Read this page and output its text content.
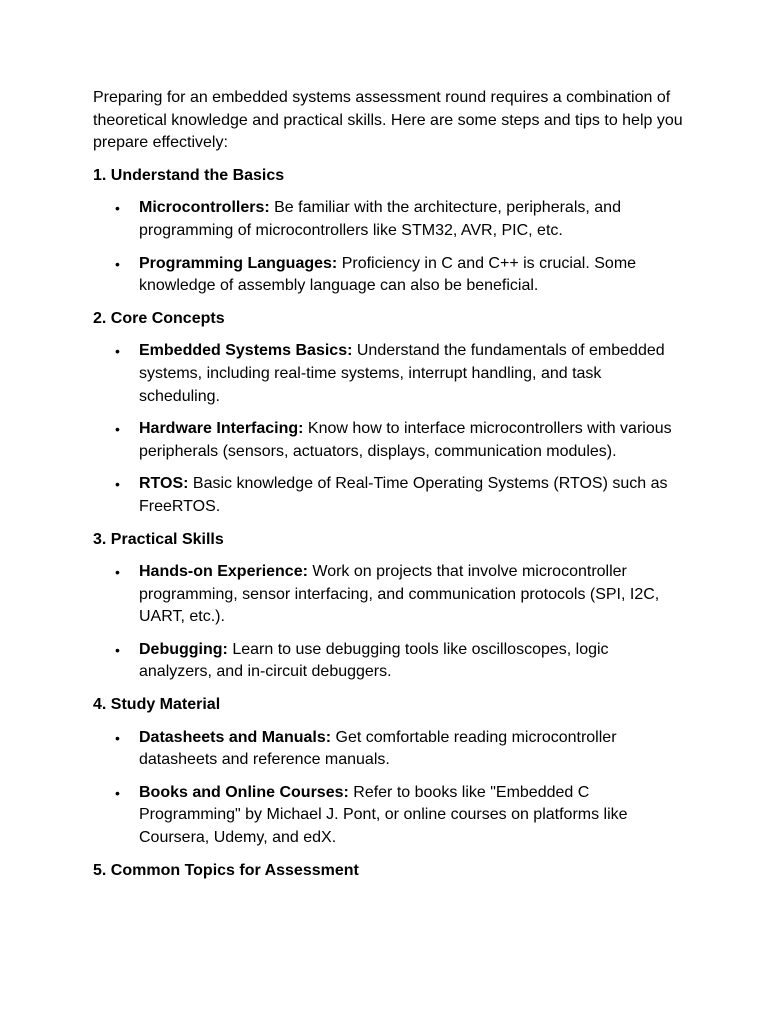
Preparing for an embedded systems assessment round requires a combination of theoretical knowledge and practical skills. Here are some steps and tips to help you prepare effectively:

1. Understand the Basics
• Microcontrollers: Be familiar with the architecture, peripherals, and programming of microcontrollers like STM32, AVR, PIC, etc.
• Programming Languages: Proficiency in C and C++ is crucial. Some knowledge of assembly language can also be beneficial.
2. Core Concepts
• Embedded Systems Basics: Understand the fundamentals of embedded systems, including real-time systems, interrupt handling, and task scheduling.
• Hardware Interfacing: Know how to interface microcontrollers with various peripherals (sensors, actuators, displays, communication modules).
• RTOS: Basic knowledge of Real-Time Operating Systems (RTOS) such as FreeRTOS.
3. Practical Skills
• Hands-on Experience: Work on projects that involve microcontroller programming, sensor interfacing, and communication protocols (SPI, I2C, UART, etc.).
• Debugging: Learn to use debugging tools like oscilloscopes, logic analyzers, and in-circuit debuggers.
4. Study Material
• Datasheets and Manuals: Get comfortable reading microcontroller datasheets and reference manuals.
• Books and Online Courses: Refer to books like "Embedded C Programming" by Michael J. Pont, or online courses on platforms like Coursera, Udemy, and edX.
5. Common Topics for Assessment
